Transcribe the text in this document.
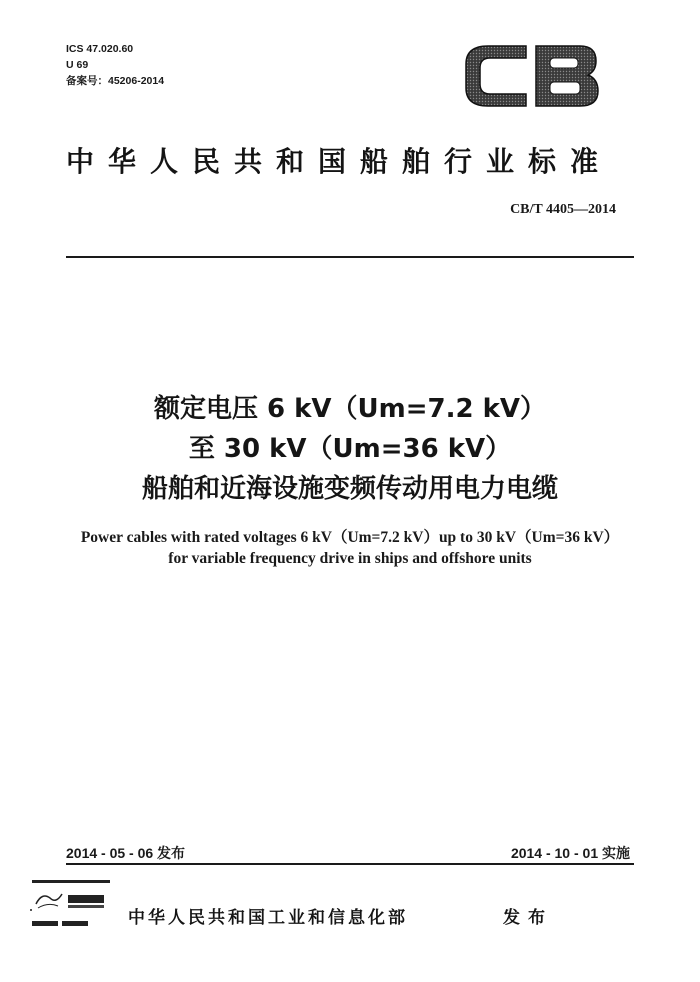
ICS 47.020.60
U 69
备案号：45206-2014
中华人民共和国船舶行业标准
CB/T 4405—2014
额定电压 6 kV（Um=7.2 kV）
至 30 kV（Um=36 kV）
船舶和近海设施变频传动用电力电缆
Power cables with rated voltages 6 kV（Um=7.2 kV）up to 30 kV（Um=36 kV）
for variable frequency drive in ships and offshore units
2014 - 05 - 06 发布	2014 - 10 - 01 实施
中华人民共和国工业和信息化部	发布
